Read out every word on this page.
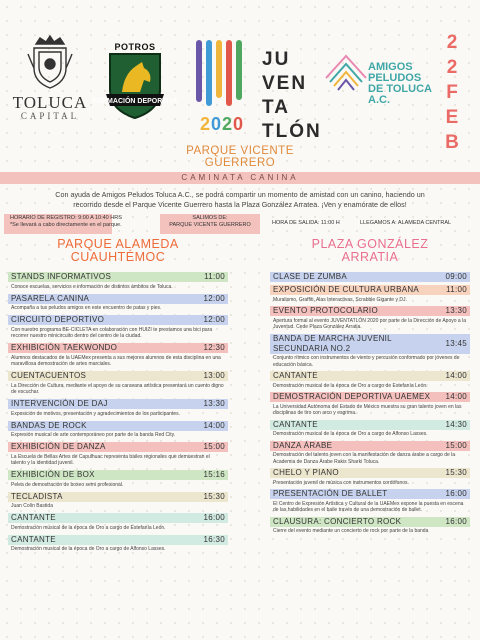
TOLUCA
CAPITAL
POTROS
FORMACIÓN DEPORTIVA
2020
JU
VEN
TA
TLÓN
AMIGOS
PELUDOS
DE TOLUCA
A.C.
2
2
F
E
B
PARQUE VICENTE
GUERRERO
CAMINATA CANINA
Con ayuda de Amigos Peludos Toluca A.C., se podrá compartir un momento de amistad con un canino, haciendo un recorrido desde el Parque Vicente Guerrero hasta la Plaza González Arratea. ¡Ven y enamórate de ellos!
HORARIO DE REGISTRO: 9:00 A 10:40 HRS
*Se llevará a cabo directamente en el parque.
SALIMOS DE:
PARQUE VICENTE GUERRERO	HORA DE SALIDA: 11:00 H	LLEGAMOS A: ALAMEDA CENTRAL
PARQUE ALAMEDA
CUAUHTÉMOC
STANDS INFORMATIVOS	11:00
Conoce escuelas, servicios e información de distintos ámbitos de Toluca.
PASARELA CANINA	12:00
Acompaña a tus peludos amigos en este encuentro de patas y pies.
CIRCUITO DEPORTIVO	12:00
Con nuestro programa BE-CICLETA en colaboración con HUIZI te prestamos una bici para recorrer nuestro minicircuito dentro del centro de la ciudad.
EXHIBICIÓN TAEKWONDO	12:30
Alumnos destacados de la UAEMex presenta a sus mejores alumnos de esta disciplina en una maravillosa demostración de artes marciales.
CUENTACUENTOS	13:00
La Dirección de Cultura, mediante el apoyo de su caravana artística presentará un cuento digno de escuchar.
INTERVENCIÓN DE DAJ	13:30
Exposición de motivos, presentación y agradecimientos de los participantes.
BANDAS DE ROCK	14:00
Expresión musical de arte contemporáneo por parte de la banda Red City.
EXHIBICIÓN DE DANZA	15:00
La Escuela de Bellas Artes de Capulhuac representa bailes regionales que demuestran el talento y la identidad juvenil.
EXHIBICIÓN DE BOX	15:16
Pelea de demostración de boxeo semi profesional.
TECLADISTA	15:30
Juan Colín Bastida
CANTANTE	16:00
Demostración musical de la época de Oro a cargo de Estefanía León.
CANTANTE	16:30
Demostración musical de la época de Oro a cargo de Alfonso Lasses.
PLAZA GONZÁLEZ
ARRATIA
CLASE DE ZUMBA	09:00
EXPOSICIÓN DE CULTURA URBANA	11:00
Muralismo, Graffiti, Alas Interactivas, Scrabble Gigante y DJ.
EVENTO PROTOCOLARIO	13:30
Apertura formal al evento JUVENTATLÓN 2020 por parte de la Dirección de Apoyo a la Juventud. Cede Plaza González Arratia.
BANDA DE MARCHA JUVENIL SECUNDARIA NO.2
13:45
Conjunto rítmico con instrumentos de viento y percusión conformado por jóvenes de educación básica.
CANTANTE	14:00
Demostración musical de la época de Oro a cargo de Estefanía León.
DEMOSTRACIÓN DEPORTIVA UAEMEX	14:00
La Universidad Autónoma del Estado de México muestra su gran talento joven en las disciplinas de tiro con arco y esgrima.
CANTANTE	14:30
Demostración musical de la época de Oro a cargo de Alfonso Lasses.
DANZA ÁRABE	15:00
Demostración del talento joven con la manifestación de danza árabe a cargo de la Academia de Danza Árabe Rakis Sharki Toluca.
CHELO Y PIANO	15:30
Presentación juvenil de música con instrumentos cordófonos.
PRESENTACIÓN DE BALLET	16:00
El Centro de Expresión Artística y Cultural de la UAEMex expone la puesta en escena de las habilidades en el baile través de una demostración de ballet.
CLAUSURA: CONCIERTO ROCK	16:00
Cierre del evento mediante un concierto de rock por parte de la banda
